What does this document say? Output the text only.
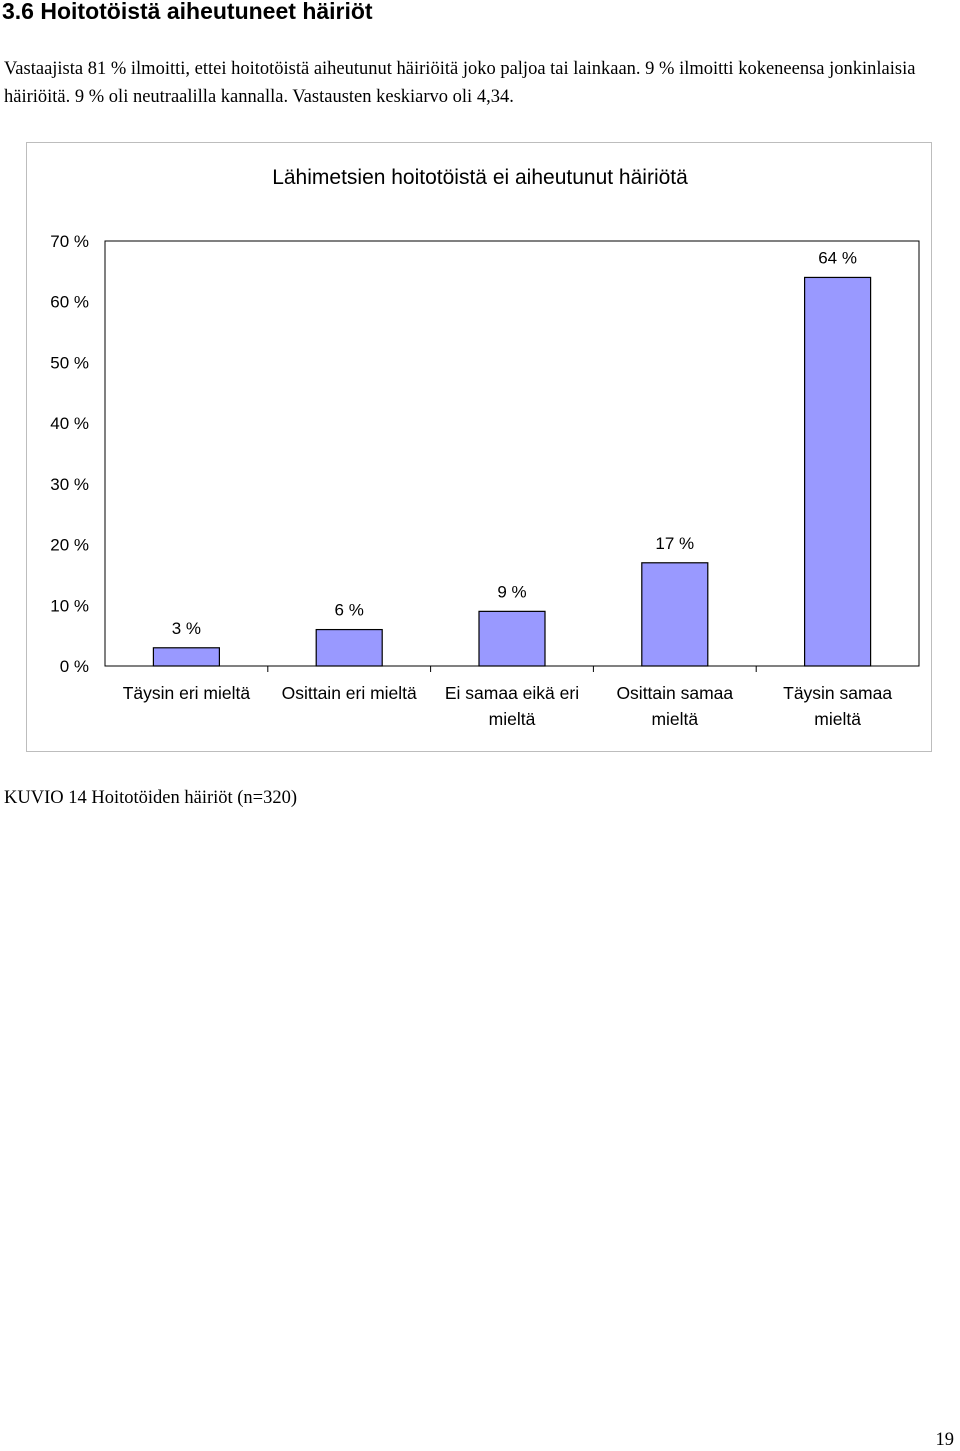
3.6 Hoitotöistä aiheutuneet häiriöt

Vastaajista 81 % ilmoitti, ettei hoitotöistä aiheutunut häiriöitä joko paljoa tai lainkaan. 9 % ilmoitti kokeneensa jonkinlaisia häiriöitä. 9 % oli neutraalilla kannalla. Vastausten keskiarvo oli 4,34.

Lähimetsien hoitotöistä ei aiheutunut häiriötä
0 %
10 %
20 %
30 %
40 %
50 %
60 %
70 %
3 %
Täysin eri mieltä
6 %
Osittain eri mieltä
9 %
Ei samaa eikä eri mieltä
17 %
Osittain samaa mieltä
64 %
Täysin samaa mieltä

KUVIO 14 Hoitotöiden häiriöt (n=320)

19
